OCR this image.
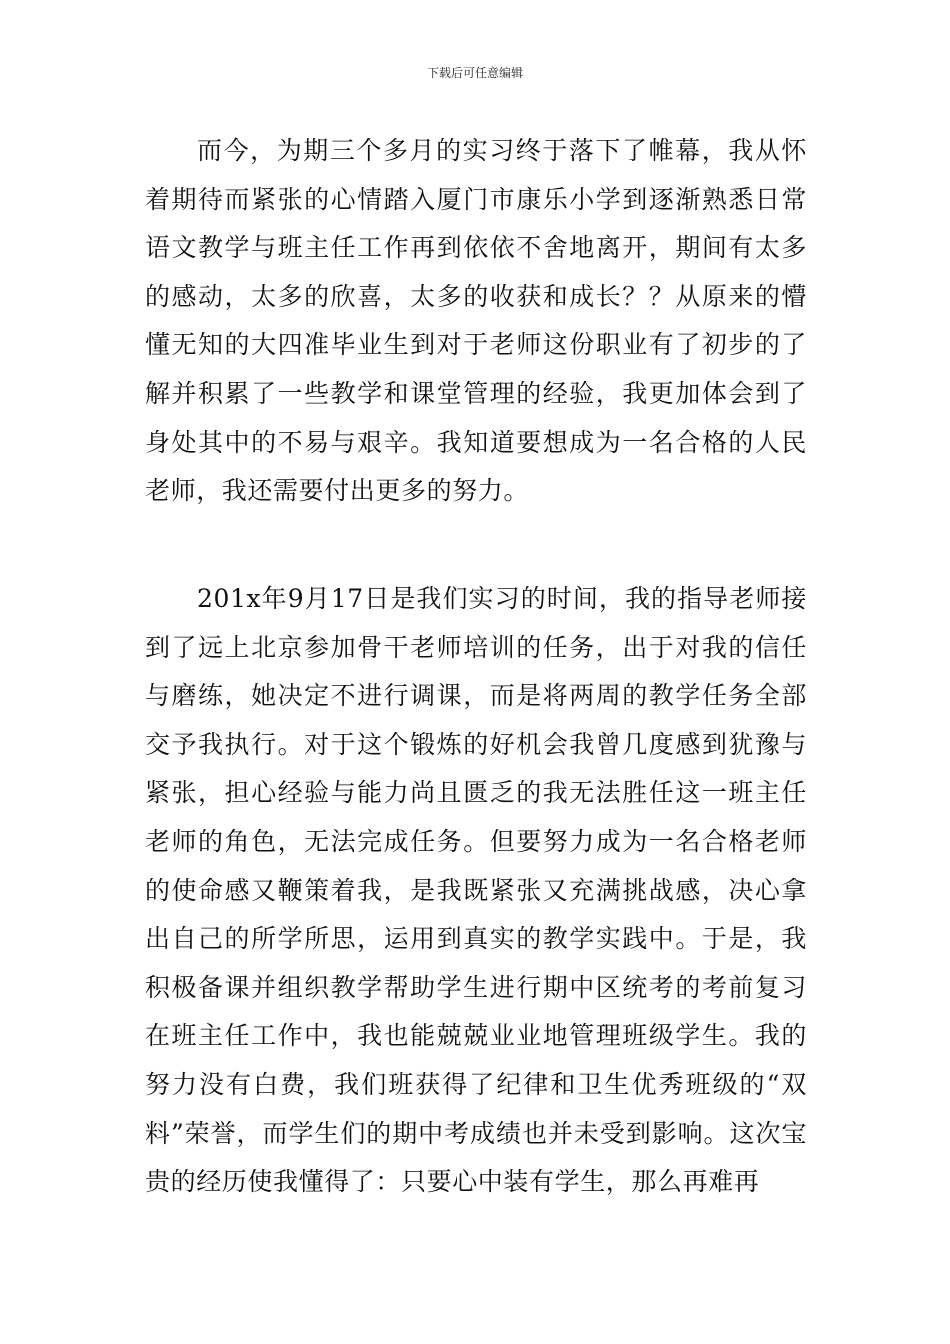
下载后可任意编辑

而今，为期三个多月的实习终于落下了帷幕，我从怀着期待而紧张的心情踏入厦门市康乐小学到逐渐熟悉日常语文教学与班主任工作再到依依不舍地离开，期间有太多的感动，太多的欣喜，太多的收获和成长？？从原来的懵懂无知的大四准毕业生到对于老师这份职业有了初步的了解并积累了一些教学和课堂管理的经验，我更加体会到了身处其中的不易与艰辛。我知道要想成为一名合格的人民老师，我还需要付出更多的努力。

201x年9月17日是我们实习的时间，我的指导老师接到了远上北京参加骨干老师培训的任务，出于对我的信任与磨练，她决定不进行调课，而是将两周的教学任务全部交予我执行。对于这个锻炼的好机会我曾几度感到犹豫与紧张，担心经验与能力尚且匮乏的我无法胜任这一班主任老师的角色，无法完成任务。但要努力成为一名合格老师的使命感又鞭策着我，是我既紧张又充满挑战感，决心拿出自己的所学所思，运用到真实的教学实践中。于是，我积极备课并组织教学帮助学生进行期中区统考的考前复习在班主任工作中，我也能兢兢业业地管理班级学生。我的努力没有白费，我们班获得了纪律和卫生优秀班级的“双料”荣誉，而学生们的期中考成绩也并未受到影响。这次宝贵的经历使我懂得了：只要心中装有学生，那么再难再
